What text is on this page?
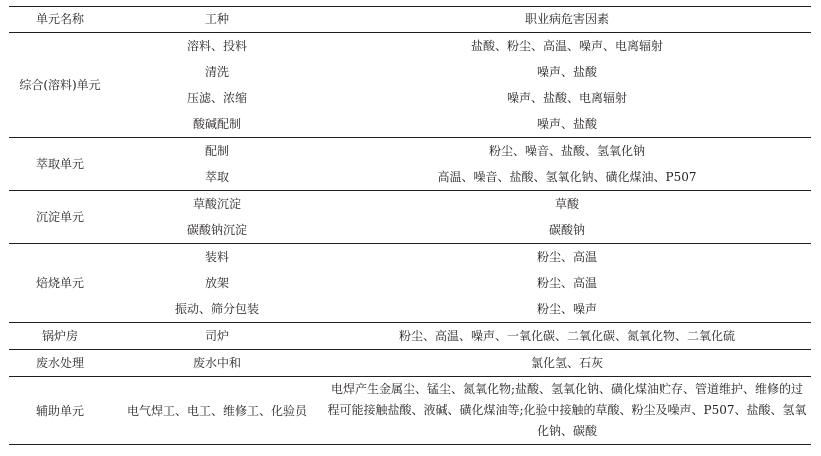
单元名称	工种	职业病危害因素
综合(溶料)单元	溶料、投料	盐酸、粉尘、高温、噪声、电离辐射
	清洗	噪声、盐酸
	压滤、浓缩	噪声、盐酸、电离辐射
	酸碱配制	噪声、盐酸
萃取单元	配制	粉尘、噪音、盐酸、氢氧化钠
	萃取	高温、噪音、盐酸、氢氧化钠、磺化煤油、P507
沉淀单元	草酸沉淀	草酸
	碳酸钠沉淀	碳酸钠
焙烧单元	装料	粉尘、高温
	放架	粉尘、高温
	振动、筛分包装	粉尘、噪声
锅炉房	司炉	粉尘、高温、噪声、一氧化碳、二氧化碳、氮氧化物、二氧化硫
废水处理	废水中和	氯化氢、石灰
辅助单元	电气焊工、电工、维修工、化验员	电焊产生金属尘、锰尘、氮氧化物;盐酸、氢氧化钠、磺化煤油贮存、管道维护、维修的过程可能接触盐酸、液碱、磺化煤油等;化验中接触的草酸、粉尘及噪声、P507、盐酸、氢氧化钠、碳酸
